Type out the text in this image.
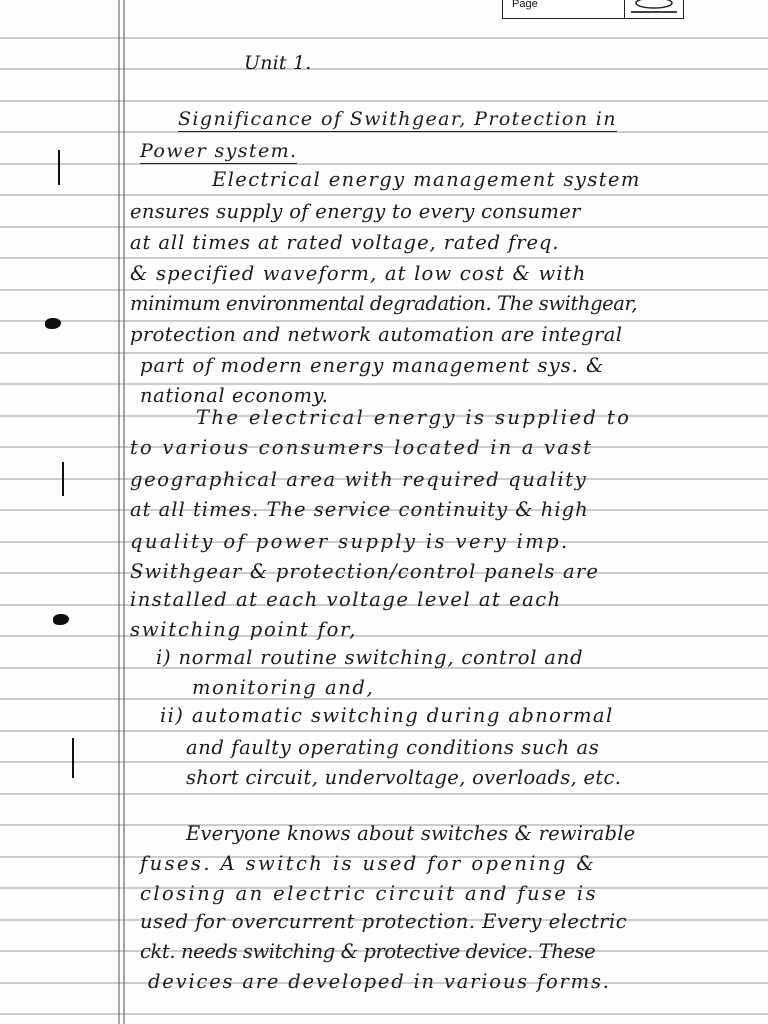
Page
Unit 1.
Significance of Swithgear, Protection in
Power system.
Electrical energy management system
ensures supply of energy to every consumer
at all times at rated voltage, rated freq.
& specified waveform, at low cost & with
minimum environmental degradation. The swithgear,
protection and network automation are integral
part of modern energy management sys. &
national economy.
The electrical energy is supplied to
to various consumers located in a vast
geographical area with required quality
at all times. The service continuity & high
quality of power supply is very imp.
Swithgear & protection/control panels are
installed at each voltage level at each
switching point for,
i) normal routine switching, control and
monitoring and,
ii) automatic switching during abnormal
and faulty operating conditions such as
short circuit, undervoltage, overloads, etc.
Everyone knows about switches & rewirable
fuses. A switch is used for opening &
closing an electric circuit and fuse is
used for overcurrent protection. Every electric
ckt. needs switching & protective device. These
devices are developed in various forms.
